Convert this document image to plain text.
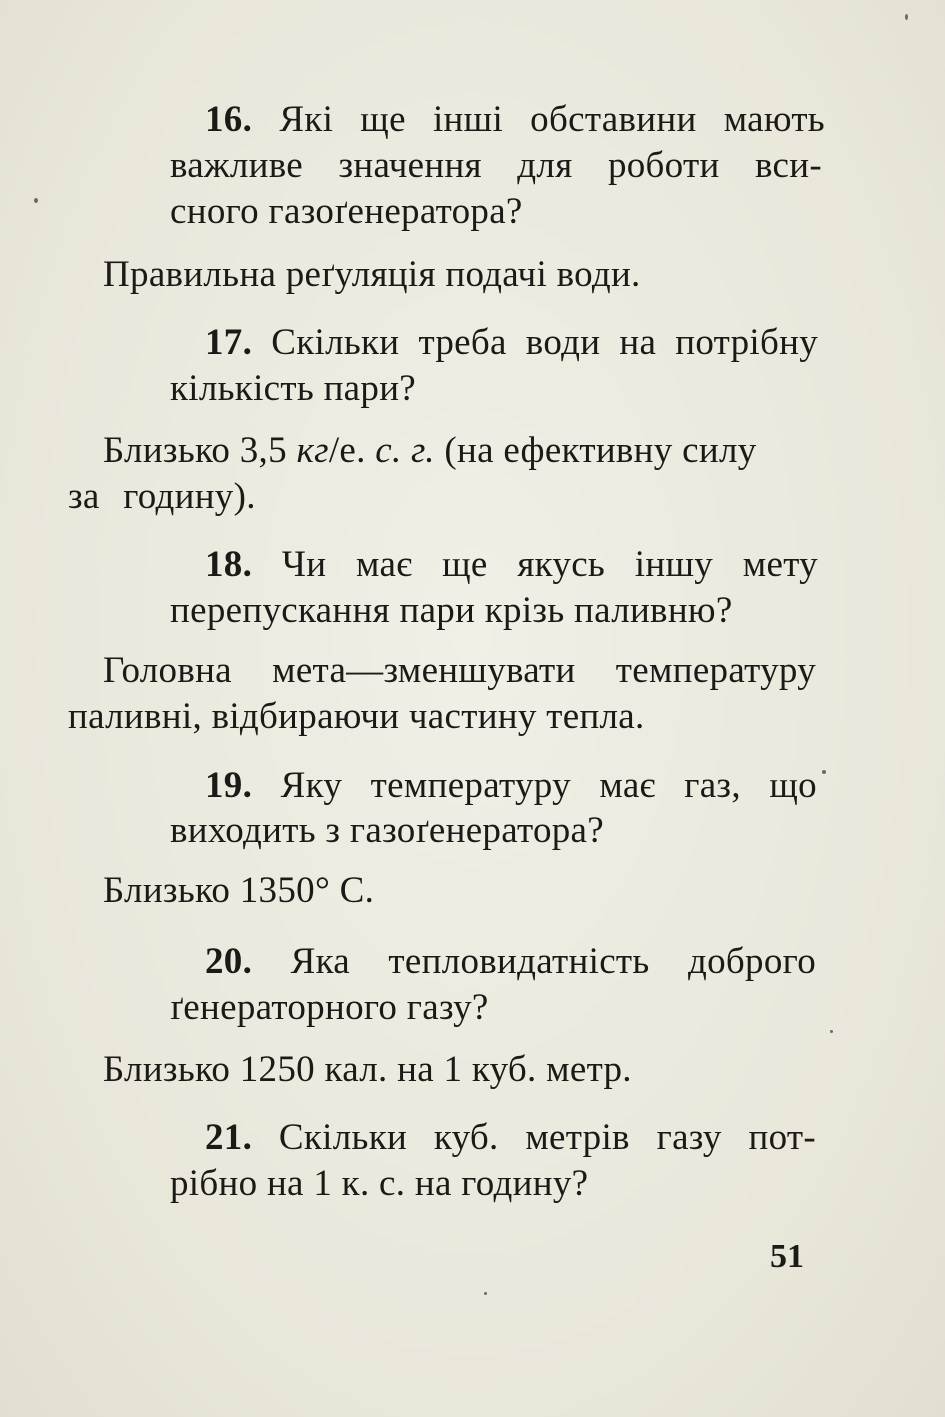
16. Які ще інші обставини мають
важливе значення для роботи вси-
сного газоґенератора?
Правильна реґуляція подачі води.
17. Скільки треба води на потрібну
кількість пари?
Близько 3,5 кг/е. с. г. (на ефективну силу
за годину).
18. Чи має ще якусь іншу мету
перепускання пари крізь паливню?
Головна мета—зменшувати температуру
паливні, відбираючи частину тепла.
19. Яку температуру має газ, що
виходить з газоґенератора?
Близько 1350° С.
20. Яка тепловидатність доброго
ґенераторного газу?
Близько 1250 кал. на 1 куб. метр.
21. Скільки куб. метрів газу пот-
рібно на 1 к. с. на годину?
51
